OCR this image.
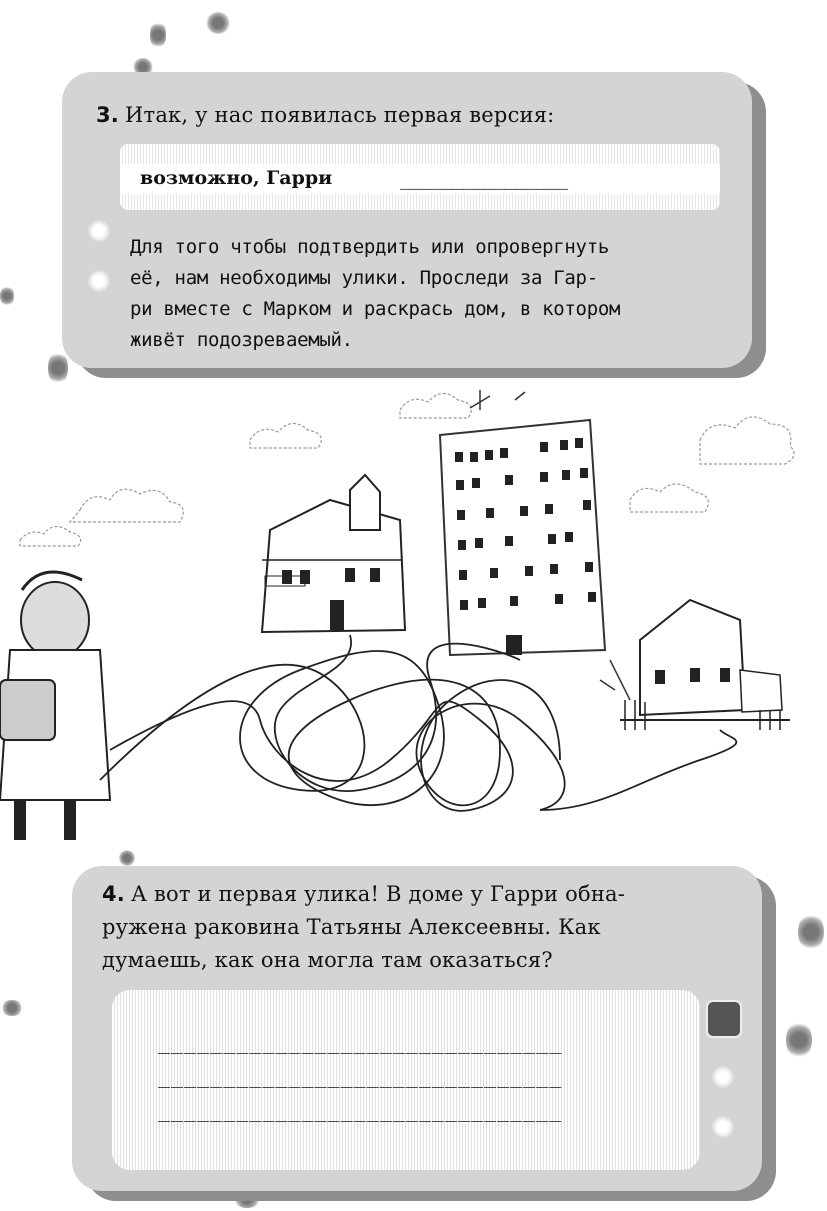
3. Итак, у нас появилась первая версия:
возможно, Гарри	________________
Для того чтобы подтвердить или опровергнуть
её, нам необходимы улики. Проследи за Гар-
ри вместе с Марком и раскрась дом, в котором
живёт подозреваемый.
4. А вот и первая улика! В доме у Гарри обна-
ружена раковина Татьяны Алексеевны. Как
думаешь, как она могла там оказаться?
_______________________________
_______________________________
_______________________________
